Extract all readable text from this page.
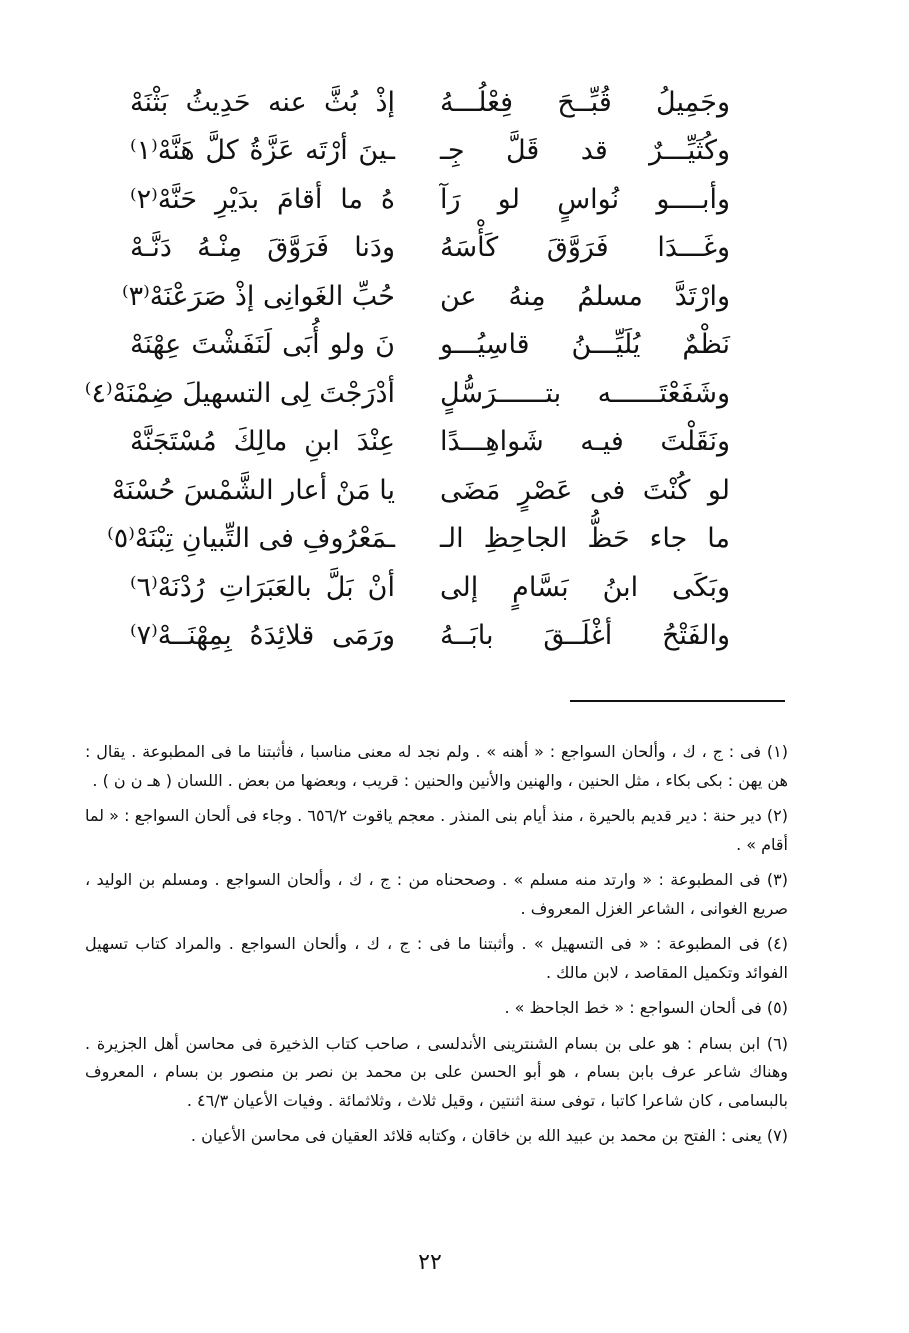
وجَمِيلُ قُبِّــحَ فِعْلُـــهُ
إذْ بُثَّ عنه حَدِيثُ بَثْنَهْ
وكُثَيِّـــرٌ قد قَلَّ جِـ
ـينَ أرْتَه عَزَّةُ كلَّ هَنَّهْ⁽١⁾
وأبــــو نُواسٍ لو رَآ
هُ ما أقامَ بدَيْرِ حَنَّهْ⁽٢⁾
وغَـــدَا فَرَوَّقَ كَأْسَهُ
ودَنا فَرَوَّقَ مِنْـهُ دَنَّـهْ
وارْتَدَّ مسلمُ مِنهُ عن
حُبِّ الغَوانِى إذْ صَرَعْنَهْ⁽٣⁾
نَظْمٌ يُلَيِّـــنُ قاسِيُـــو
نَ ولو أُبَى لَنَفَشْتَ عِهْنَهْ
وشَفَعْتَــــــه بتــــــرَسُّلٍ
أدْرَجْتَ لِى التسهيلَ ضِمْنَهْ⁽٤⁾
ونَقَلْتَ فيـه شَواهِـــدًا
عِنْدَ ابنِ مالِكَ مُسْتَجَنَّهْ
لو كُنْتَ فى عَصْرٍ مَضَى
يا مَنْ أعار الشَّمْسَ حُسْنَهْ
ما جاء حَظُّ الجاحِظِ الـ
ـمَعْرُوفِ فى التِّبيانِ تِبْنَهْ⁽٥⁾
وبَكَى ابنُ بَسَّامٍ إلى
أنْ بَلَّ بالعَبَرَاتِ رُدْنَهْ⁽٦⁾
والفَتْحُ أغْلَــقَ بابَــهُ
ورَمَى قلائِدَهُ بِمِهْنَــهْ⁽٧⁾

(١) فى : ج ، ك ، وألحان السواجع : « أهنه » . ولم نجد له معنى مناسبا ، فأثبتنا ما فى المطبوعة . يقال : هن يهن : بكى بكاء ، مثل الحنين ، والهنين والأنين والحنين : قريب ، وبعضها من بعض . اللسان ( هـ ن ن ) .

(٢) دير حنة : دير قديم بالحيرة ، منذ أيام بنى المنذر . معجم ياقوت ٦٥٦/٢ . وجاء فى ألحان السواجع : « لما أقام » .

(٣) فى المطبوعة : « وارتد منه مسلم » . وصححناه من : ج ، ك ، وألحان السواجع . ومسلم بن الوليد ، صريع الغوانى ، الشاعر الغزل المعروف .

(٤) فى المطبوعة : « فى التسهيل » . وأثبتنا ما فى : ج ، ك ، وألحان السواجع . والمراد كتاب تسهيل الفوائد وتكميل المقاصد ، لابن مالك .

(٥) فى ألحان السواجع : « خط الجاحظ » .

(٦) ابن بسام : هو على بن بسام الشنترينى الأندلسى ، صاحب كتاب الذخيرة فى محاسن أهل الجزيرة . وهناك شاعر عرف بابن بسام ، هو أبو الحسن على بن محمد بن نصر بن منصور بن بسام ، المعروف بالبسامى ، كان شاعرا كاتبا ، توفى سنة اثنتين ، وقيل ثلاث ، وثلاثمائة . وفيات الأعيان ٤٦/٣ .

(٧) يعنى : الفتح بن محمد بن عبيد الله بن خاقان ، وكتابه قلائد العقيان فى محاسن الأعيان .

٢٢
